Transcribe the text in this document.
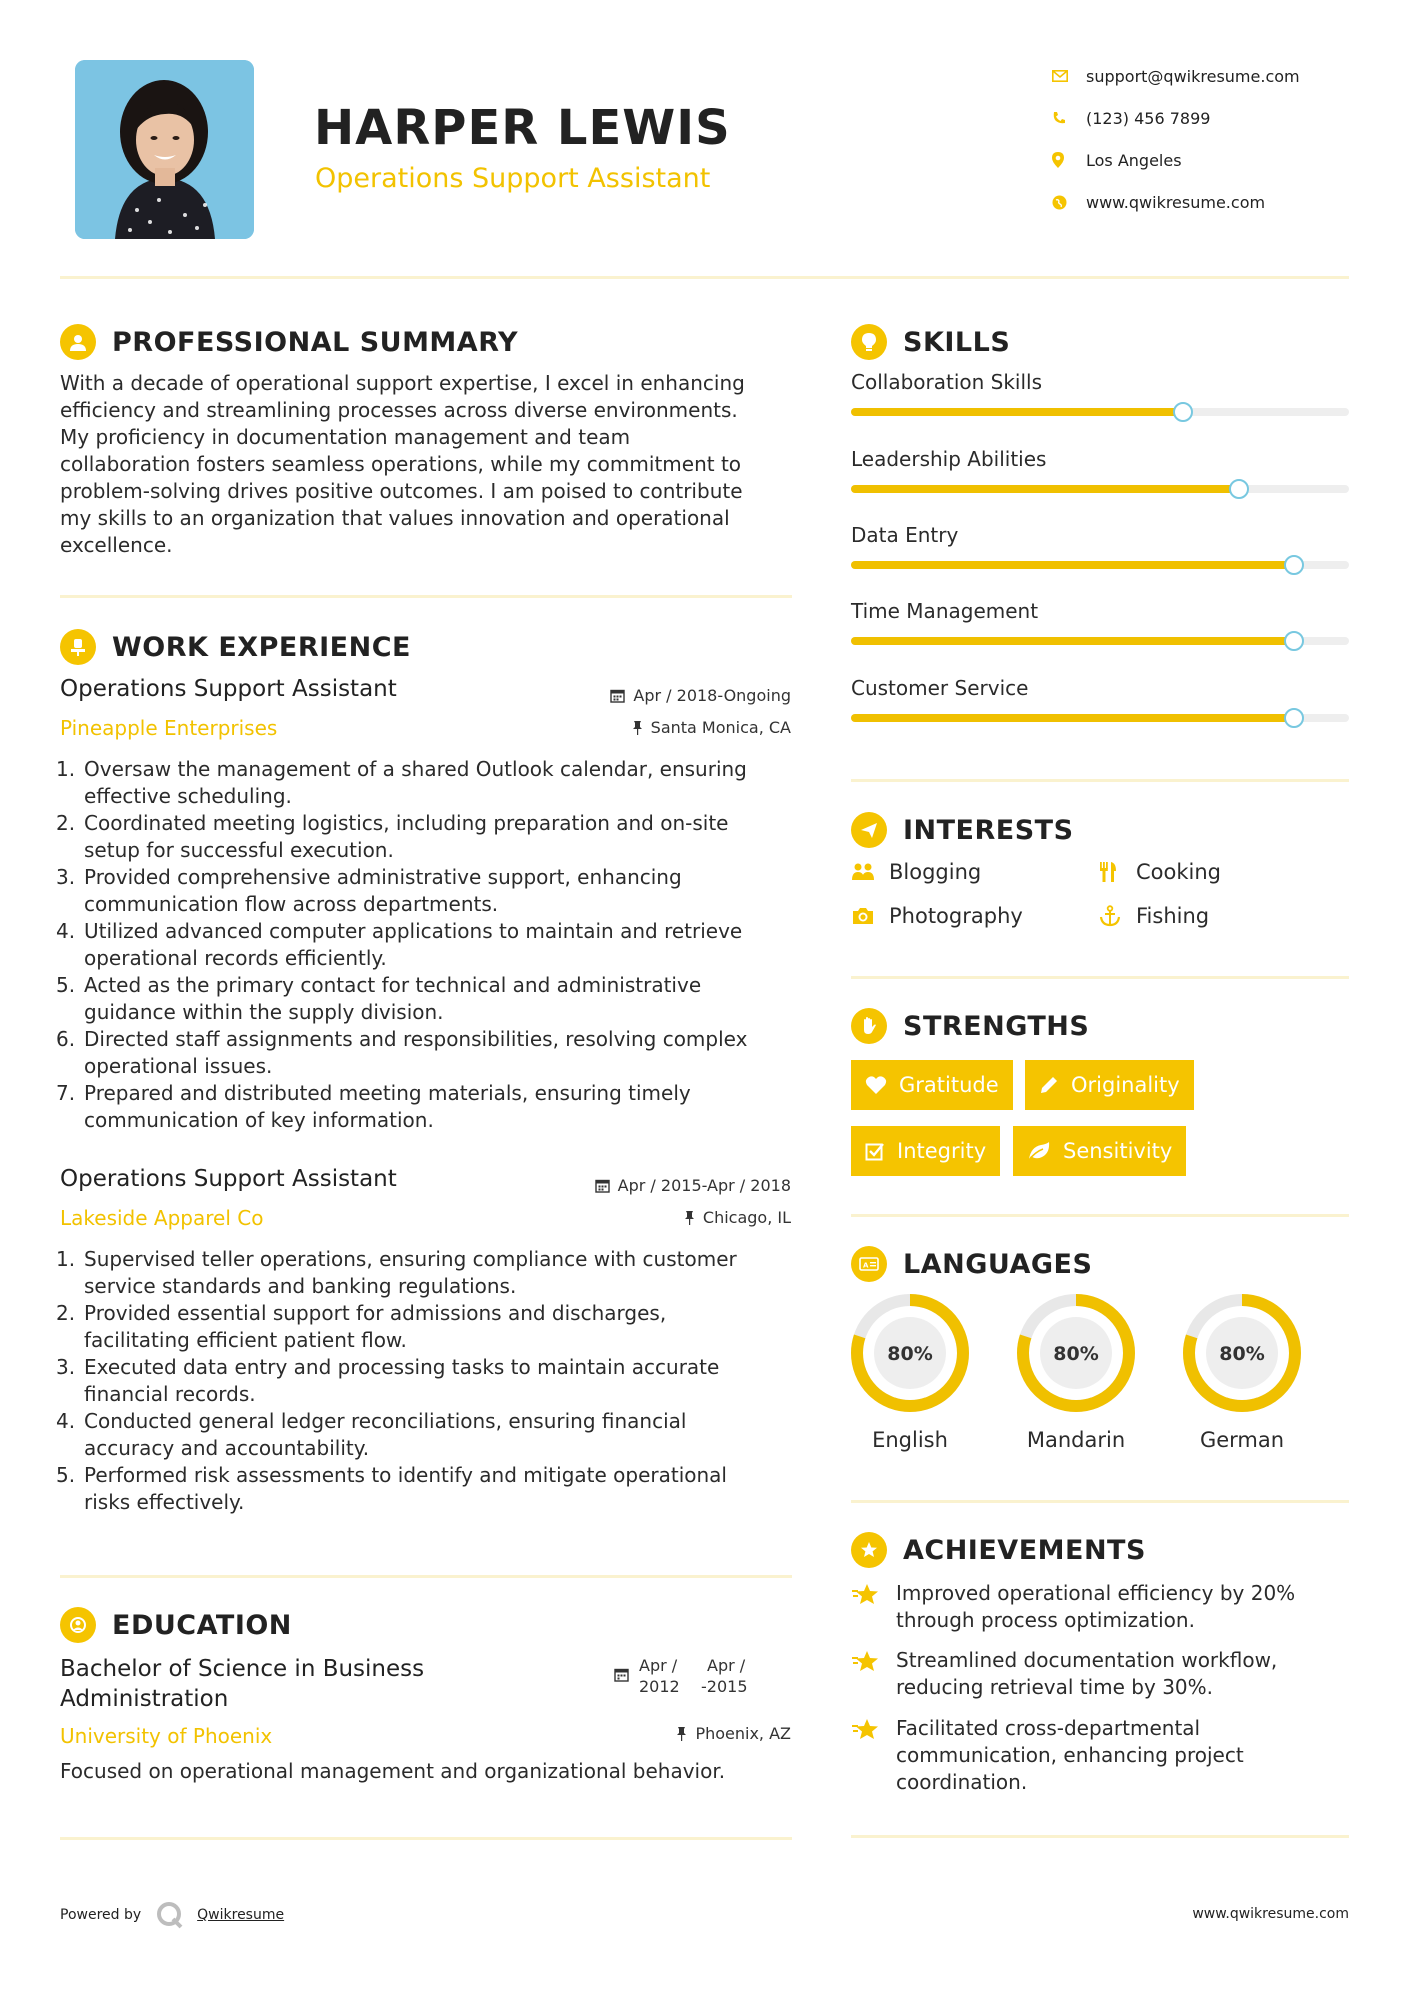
HARPER LEWIS
Operations Support Assistant
support@qwikresume.com
(123) 456 7899
Los Angeles
www.qwikresume.com
PROFESSIONAL SUMMARY
With a decade of operational support expertise, I excel in enhancing
efficiency and streamlining processes across diverse environments.
My proficiency in documentation management and team
collaboration fosters seamless operations, while my commitment to
problem-solving drives positive outcomes. I am poised to contribute
my skills to an organization that values innovation and operational
excellence.
WORK EXPERIENCE
Operations Support Assistant
Pineapple Enterprises
Apr / 2018-Ongoing
Santa Monica, CA
1. Oversaw the management of a shared Outlook calendar, ensuring
effective scheduling.
2. Coordinated meeting logistics, including preparation and on-site
setup for successful execution.
3. Provided comprehensive administrative support, enhancing
communication flow across departments.
4. Utilized advanced computer applications to maintain and retrieve
operational records efficiently.
5. Acted as the primary contact for technical and administrative
guidance within the supply division.
6. Directed staff assignments and responsibilities, resolving complex
operational issues.
7. Prepared and distributed meeting materials, ensuring timely
communication of key information.
Operations Support Assistant
Lakeside Apparel Co
Apr / 2015-Apr / 2018
Chicago, IL
1. Supervised teller operations, ensuring compliance with customer
service standards and banking regulations.
2. Provided essential support for admissions and discharges,
facilitating efficient patient flow.
3. Executed data entry and processing tasks to maintain accurate
financial records.
4. Conducted general ledger reconciliations, ensuring financial
accuracy and accountability.
5. Performed risk assessments to identify and mitigate operational
risks effectively.
EDUCATION
Bachelor of Science in Business
Administration
University of Phoenix
Apr /
2012
Apr /
-2015
Phoenix, AZ
Focused on operational management and organizational behavior.
SKILLS
Collaboration Skills
Leadership Abilities
Data Entry
Time Management
Customer Service
INTERESTS
Blogging	Cooking
Photography	Fishing
STRENGTHS
Gratitude	Originality
Integrity	Sensitivity
A LANGUAGES
80%
English
80%
Mandarin
80%
German
ACHIEVEMENTS
Improved operational efficiency by 20%
through process optimization.
Streamlined documentation workflow,
reducing retrieval time by 30%.
Facilitated cross-departmental
communication, enhancing project
coordination.
Powered by	Qwikresume	www.qwikresume.com
